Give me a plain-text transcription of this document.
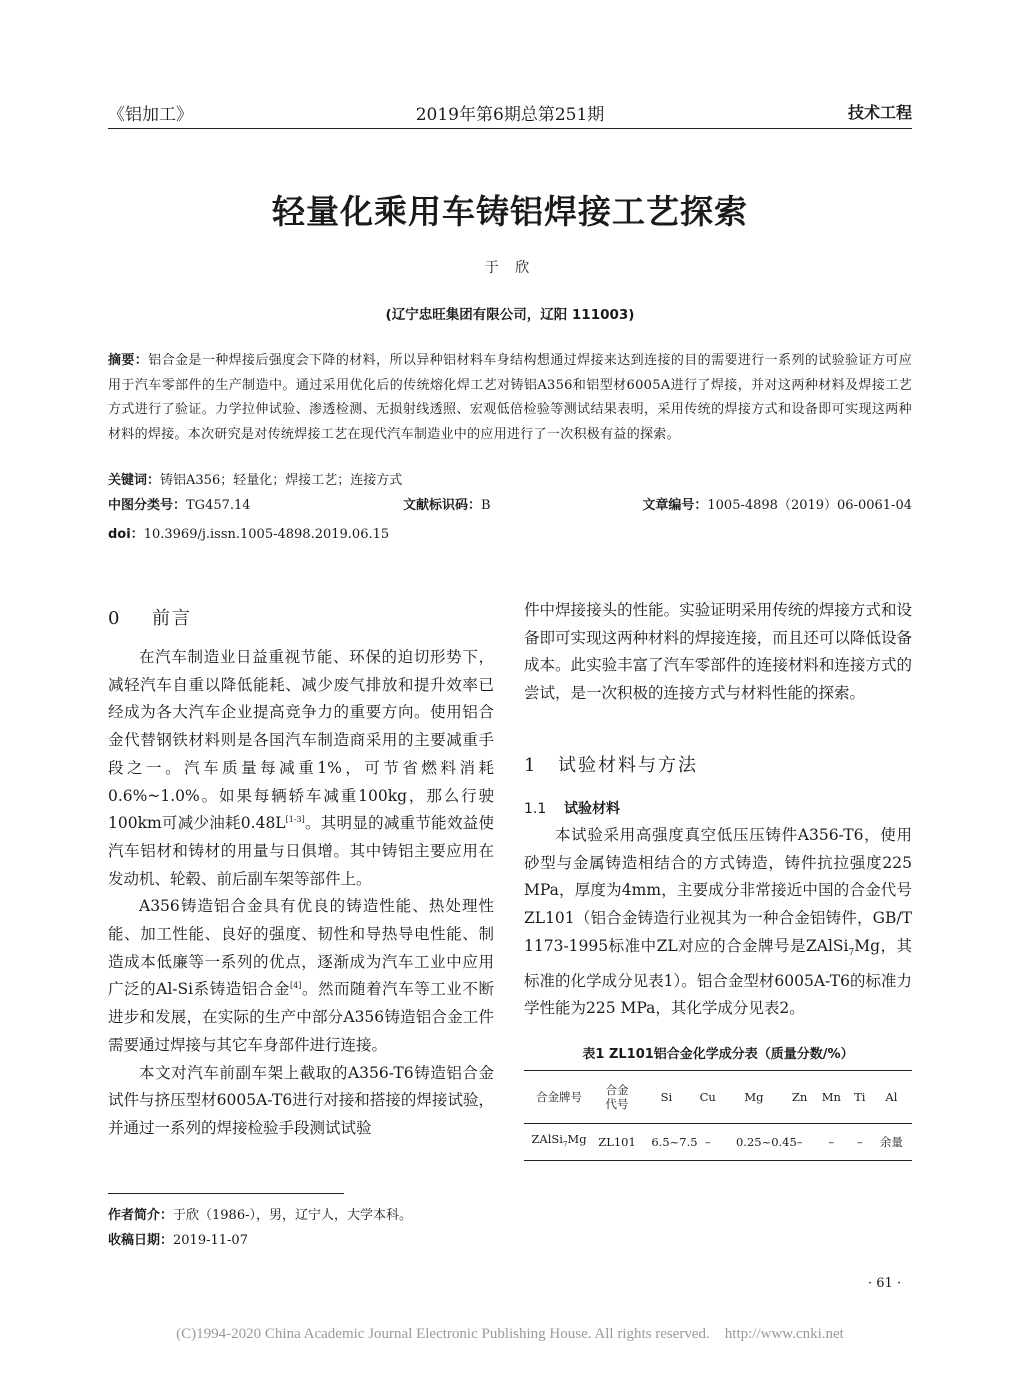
《铝加工》	2019年第6期总第251期	技术工程
轻量化乘用车铸铝焊接工艺探索
于 欣
(辽宁忠旺集团有限公司，辽阳 111003)
摘要：铝合金是一种焊接后强度会下降的材料，所以异种铝材料车身结构想通过焊接来达到连接的目的需要进行一系列的试验验证方可应用于汽车零部件的生产制造中。通过采用优化后的传统熔化焊工艺对铸铝A356和铝型材6005A进行了焊接，并对这两种材料及焊接工艺方式进行了验证。力学拉伸试验、渗透检测、无损射线透照、宏观低倍检验等测试结果表明，采用传统的焊接方式和设备即可实现这两种材料的焊接。本次研究是对传统焊接工艺在现代汽车制造业中的应用进行了一次积极有益的探索。
关键词：铸铝A356；轻量化；焊接工艺；连接方式
中图分类号：TG457.14	文献标识码：B	文章编号：1005-4898（2019）06-0061-04
doi：10.3969/j.issn.1005-4898.2019.06.15
0 前言

在汽车制造业日益重视节能、环保的迫切形势下，减轻汽车自重以降低能耗、减少废气排放和提升效率已经成为各大汽车企业提高竞争力的重要方向。使用铝合金代替钢铁材料则是各国汽车制造商采用的主要减重手段之一。汽车质量每减重1%，可节省燃料消耗0.6%~1.0%。如果每辆轿车减重100kg，那么行驶100km可减少油耗0.48L[1-3]。其明显的减重节能效益使汽车铝材和铸材的用量与日俱增。其中铸铝主要应用在发动机、轮毂、前后副车架等部件上。

A356铸造铝合金具有优良的铸造性能、热处理性能、加工性能、良好的强度、韧性和导热导电性能、制造成本低廉等一系列的优点，逐渐成为汽车工业中应用广泛的Al-Si系铸造铝合金[4]。然而随着汽车等工业不断进步和发展，在实际的生产中部分A356铸造铝合金工件需要通过焊接与其它车身部件进行连接。

本文对汽车前副车架上截取的A356-T6铸造铝合金试件与挤压型材6005A-T6进行对接和搭接的焊接试验，并通过一系列的焊接检验手段测试试验

件中焊接接头的性能。实验证明采用传统的焊接方式和设备即可实现这两种材料的焊接连接，而且还可以降低设备成本。此实验丰富了汽车零部件的连接材料和连接方式的尝试，是一次积极的连接方式与材料性能的探索。

1 试验材料与方法
1.1 试验材料

本试验采用高强度真空低压压铸件A356-T6，使用砂型与金属铸造相结合的方式铸造，铸件抗拉强度225 MPa，厚度为4mm，主要成分非常接近中国的合金代号ZL101（铝合金铸造行业视其为一种合金铝铸件，GB/T 1173-1995标准中ZL对应的合金牌号是ZAlSi$_7$Mg，其标准的化学成分见表1）。铝合金型材6005A-T6的标准力学性能为225 MPa，其化学成分见表2。

表1 ZL101铝合金化学成分表（质量分数/%）
合金牌号	合金代号	Si	Cu	Mg	Zn	Mn	Ti	Al
ZAlSi$_7$Mg	ZL101	6.5~7.5	–	0.25~0.45	–	–	–	余量
作者简介：于欣（1986-），男，辽宁人，大学本科。
收稿日期：2019-11-07
· 61 ·
(C)1994-2020 China Academic Journal Electronic Publishing House. All rights reserved.    http://www.cnki.net
